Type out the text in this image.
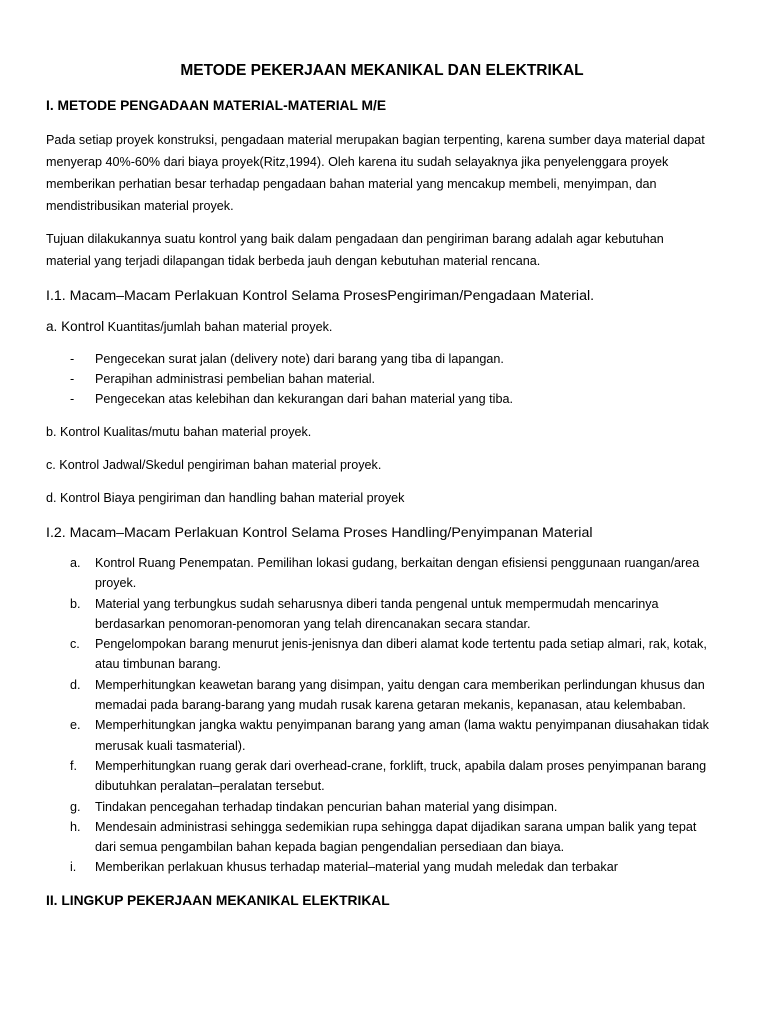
METODE PEKERJAAN MEKANIKAL DAN ELEKTRIKAL
I. METODE PENGADAAN MATERIAL-MATERIAL M/E

Pada setiap proyek konstruksi, pengadaan material merupakan bagian terpenting, karena sumber daya material dapat menyerap 40%-60% dari biaya proyek(Ritz,1994). Oleh karena itu sudah selayaknya jika penyelenggara proyek memberikan perhatian besar terhadap pengadaan bahan material yang mencakup membeli, menyimpan, dan mendistribusikan material proyek.

Tujuan dilakukannya suatu kontrol yang baik dalam pengadaan dan pengiriman barang adalah agar kebutuhan material yang terjadi dilapangan tidak berbeda jauh dengan kebutuhan material rencana.

I.1. Macam–Macam Perlakuan Kontrol Selama ProsesPengiriman/Pengadaan Material.
a. Kontrol Kuantitas/jumlah bahan material proyek.
- Pengecekan surat jalan (delivery note) dari barang yang tiba di lapangan.
- Perapihan administrasi pembelian bahan material.
- Pengecekan atas kelebihan dan kekurangan dari bahan material yang tiba.
b. Kontrol Kualitas/mutu bahan material proyek.
c. Kontrol Jadwal/Skedul pengiriman bahan material proyek.
d. Kontrol Biaya pengiriman dan handling bahan material proyek
I.2. Macam–Macam Perlakuan Kontrol Selama Proses Handling/Penyimpanan Material
a. Kontrol Ruang Penempatan. Pemilihan lokasi gudang, berkaitan dengan efisiensi penggunaan ruangan/area proyek.
b. Material yang terbungkus sudah seharusnya diberi tanda pengenal untuk mempermudah mencarinya berdasarkan penomoran-penomoran yang telah direncanakan secara standar.
c. Pengelompokan barang menurut jenis-jenisnya dan diberi alamat kode tertentu pada setiap almari, rak, kotak, atau timbunan barang.
d. Memperhitungkan keawetan barang yang disimpan, yaitu dengan cara memberikan perlindungan khusus dan memadai pada barang-barang yang mudah rusak karena getaran mekanis, kepanasan, atau kelembaban.
e. Memperhitungkan jangka waktu penyimpanan barang yang aman (lama waktu penyimpanan diusahakan tidak merusak kuali tasmaterial).
f. Memperhitungkan ruang gerak dari overhead-crane, forklift, truck, apabila dalam proses penyimpanan barang dibutuhkan peralatan–peralatan tersebut.
g. Tindakan pencegahan terhadap tindakan pencurian bahan material yang disimpan.
h. Mendesain administrasi sehingga sedemikian rupa sehingga dapat dijadikan sarana umpan balik yang tepat dari semua pengambilan bahan kepada bagian pengendalian persediaan dan biaya.
i. Memberikan perlakuan khusus terhadap material–material yang mudah meledak dan terbakar
II. LINGKUP PEKERJAAN MEKANIKAL ELEKTRIKAL
